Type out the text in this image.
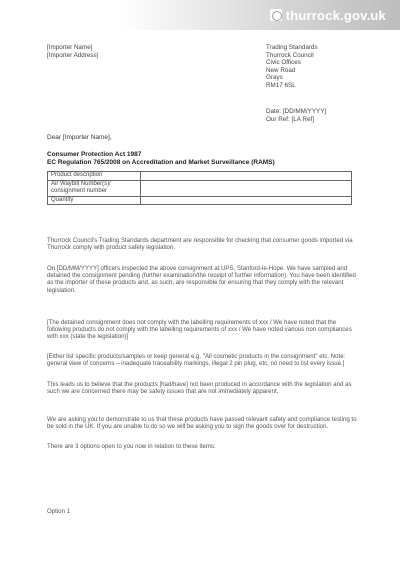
thurrock.gov.uk
[Importer Name]
[Importer Address]
Trading Standards
Thurrock Council
Civic Offices
New Road
Grays
RM17 6SL
Date: [DD/MM/YYYY]
Our Ref: [LA Ref]
Dear [Importer Name],
Consumer Protection Act 1987
EC Regulation 765/2008 on Accreditation and Market Surveillance (RAMS)
Product description	
Air Waybill Number(s)/	
consignment number	
Quantity	
Thurrock Council's Trading Standards department are responsible for checking that consumer goods imported via Thurrock comply with product safety legislation.
On [DD/MM/YYYY] officers inspected the above consignment at UPS, Stanford-le-Hope. We have sampled and detained the consignment pending (further examination/the receipt of further information). You have been identified as the importer of these products and, as such, are responsible for ensuring that they comply with the relevant legislation.
[The detained consignment does not comply with the labelling requirements of xxx / We have noted that the following products do not comply with the labelling requirements of xxx / We have noted various non compliances with xxx (state the legislation)]
[Either list specific products/samples or keep general e.g. "All cosmetic products in the consignment" etc. Note: general view of concerns – inadequate traceability markings, illegal 2 pin plug, etc, no need to list every issue.]
This leads us to believe that the products [had/have] not been produced in accordance with the legislation and as such we are concerned there may be safety issues that are not immediately apparent.
We are asking you to demonstrate to us that these products have passed relevant safety and compliance testing to be sold in the UK. If you are unable to do so we will be asking you to sign the goods over for destruction.
There are 3 options open to you now in relation to these items:
Option 1
